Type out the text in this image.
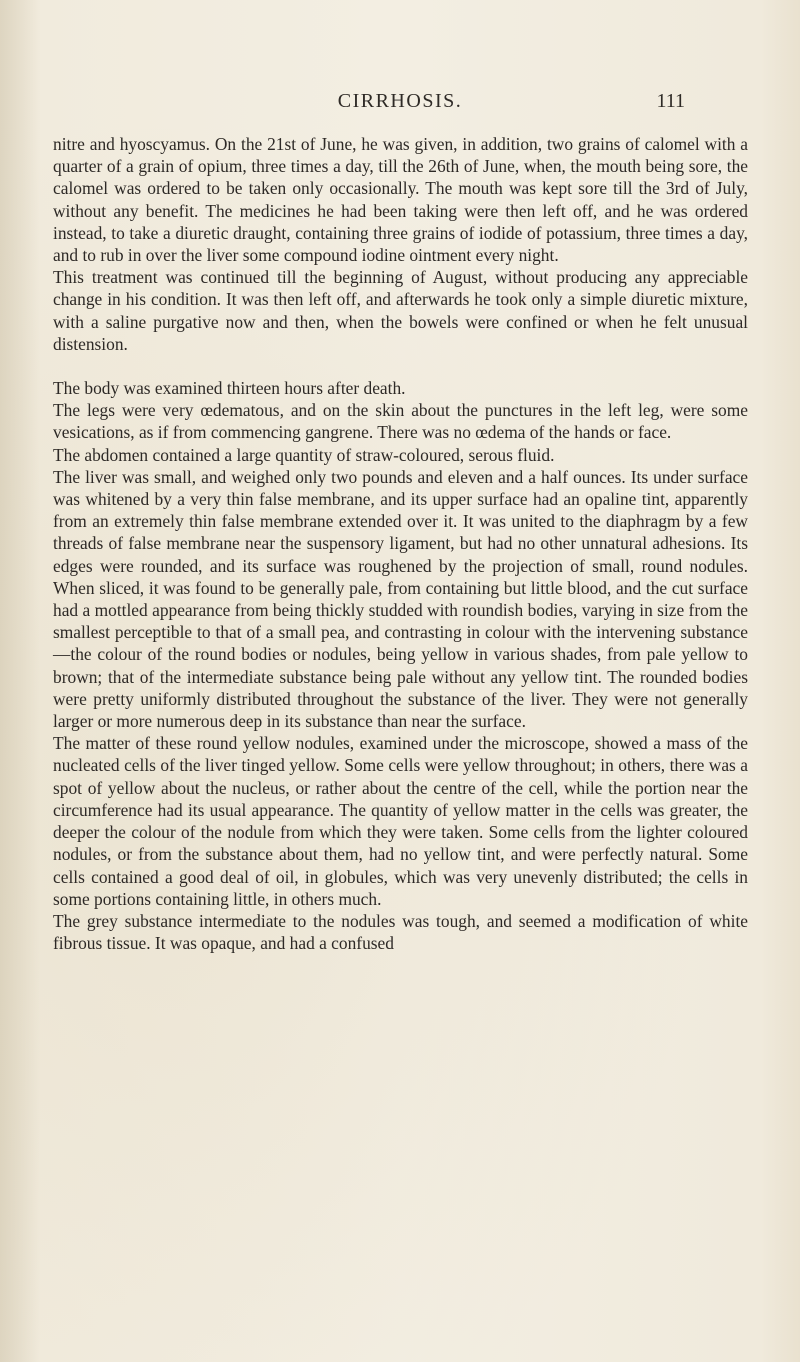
CIRRHOSIS.	111

nitre and hyoscyamus. On the 21st of June, he was given, in addition, two grains of calomel with a quarter of a grain of opium, three times a day, till the 26th of June, when, the mouth being sore, the calomel was ordered to be taken only occasionally. The mouth was kept sore till the 3rd of July, without any benefit. The medicines he had been taking were then left off, and he was ordered instead, to take a diuretic draught, containing three grains of iodide of potassium, three times a day, and to rub in over the liver some compound iodine ointment every night.

This treatment was continued till the beginning of August, without producing any appreciable change in his condition. It was then left off, and afterwards he took only a simple diuretic mixture, with a saline purgative now and then, when the bowels were confined or when he felt unusual distension.

The body was examined thirteen hours after death.

The legs were very œdematous, and on the skin about the punctures in the left leg, were some vesications, as if from commencing gangrene. There was no œdema of the hands or face.

The abdomen contained a large quantity of straw-coloured, serous fluid.

The liver was small, and weighed only two pounds and eleven and a half ounces. Its under surface was whitened by a very thin false membrane, and its upper surface had an opaline tint, apparently from an extremely thin false membrane extended over it. It was united to the diaphragm by a few threads of false membrane near the suspensory ligament, but had no other unnatural adhesions. Its edges were rounded, and its surface was roughened by the projection of small, round nodules. When sliced, it was found to be generally pale, from containing but little blood, and the cut surface had a mottled appearance from being thickly studded with roundish bodies, varying in size from the smallest perceptible to that of a small pea, and contrasting in colour with the intervening substance—the colour of the round bodies or nodules, being yellow in various shades, from pale yellow to brown; that of the intermediate substance being pale without any yellow tint. The rounded bodies were pretty uniformly distributed throughout the substance of the liver. They were not generally larger or more numerous deep in its substance than near the surface.

The matter of these round yellow nodules, examined under the microscope, showed a mass of the nucleated cells of the liver tinged yellow. Some cells were yellow throughout; in others, there was a spot of yellow about the nucleus, or rather about the centre of the cell, while the portion near the circumference had its usual appearance. The quantity of yellow matter in the cells was greater, the deeper the colour of the nodule from which they were taken. Some cells from the lighter coloured nodules, or from the substance about them, had no yellow tint, and were perfectly natural. Some cells contained a good deal of oil, in globules, which was very unevenly distributed; the cells in some portions containing little, in others much.

The grey substance intermediate to the nodules was tough, and seemed a modification of white fibrous tissue. It was opaque, and had a confused
